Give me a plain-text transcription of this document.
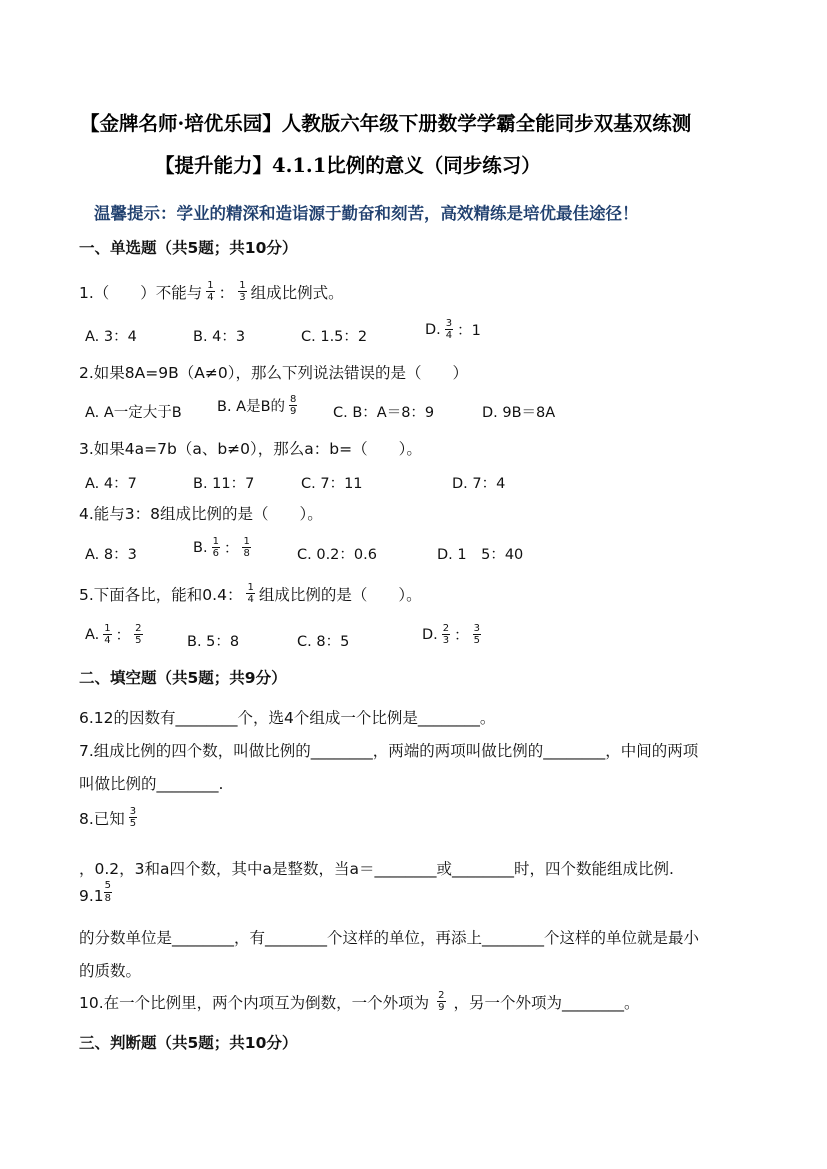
【金牌名师·培优乐园】人教版六年级下册数学学霸全能同步双基双练测
【提升能力】4.1.1比例的意义（同步练习）
温馨提示：学业的精深和造诣源于勤奋和刻苦，高效精练是培优最佳途径！
一、单选题（共5题；共10分）
1.（　　）不能与 $\frac{1}{4}$ ： $\frac{1}{3}$ 组成比例式。
A. 3：4	B. 4：3	C. 1.5：2	D. $\frac{3}{4}$ ：1
2.如果8A=9B（A≠0），那么下列说法错误的是（　　）
A. A一定大于B B. A是B的 $\frac{8}{9} C$. B：A＝8：9	D. 9B＝8A
3.如果4a=7b（a、b≠0），那么a：b=（　　）。
A. 4：7	B. 11：7	C. 7：11	D. 7：4
4.能与3：8组成比例的是（　　）。
A. 8：3	B. $\frac{1}{6}$ ： $\frac{1}{8}$	C. 0.2：0.6	D. 1　5：40
5.下面各比，能和0.4： $\frac{1}{4}$ 组成比例的是（　　）。
A. $\frac{1}{4}$ ： $\frac{2}{5}$	B. 5：8	C. 8：5	D. $\frac{2}{3}$ ： $\frac{3}{5}$
二、填空题（共5题；共9分）
6.12的因数有________个，选4个组成一个比例是________。
7.组成比例的四个数，叫做比例的________，两端的两项叫做比例的________，中间的两项
叫做比例的________.
8.已知 $\frac{3}{5}$
，0.2，3和a四个数，其中a是整数，当a＝________或________时，四个数能组成比例.
$9.1 \frac{5}{8}$
的分数单位是________，有________个这样的单位，再添上________个这样的单位就是最小
的质数。
10.在一个比例里，两个内项互为倒数，一个外项为 $\frac{2}{9}$ ，另一个外项为________。
三、判断题（共5题；共10分）
